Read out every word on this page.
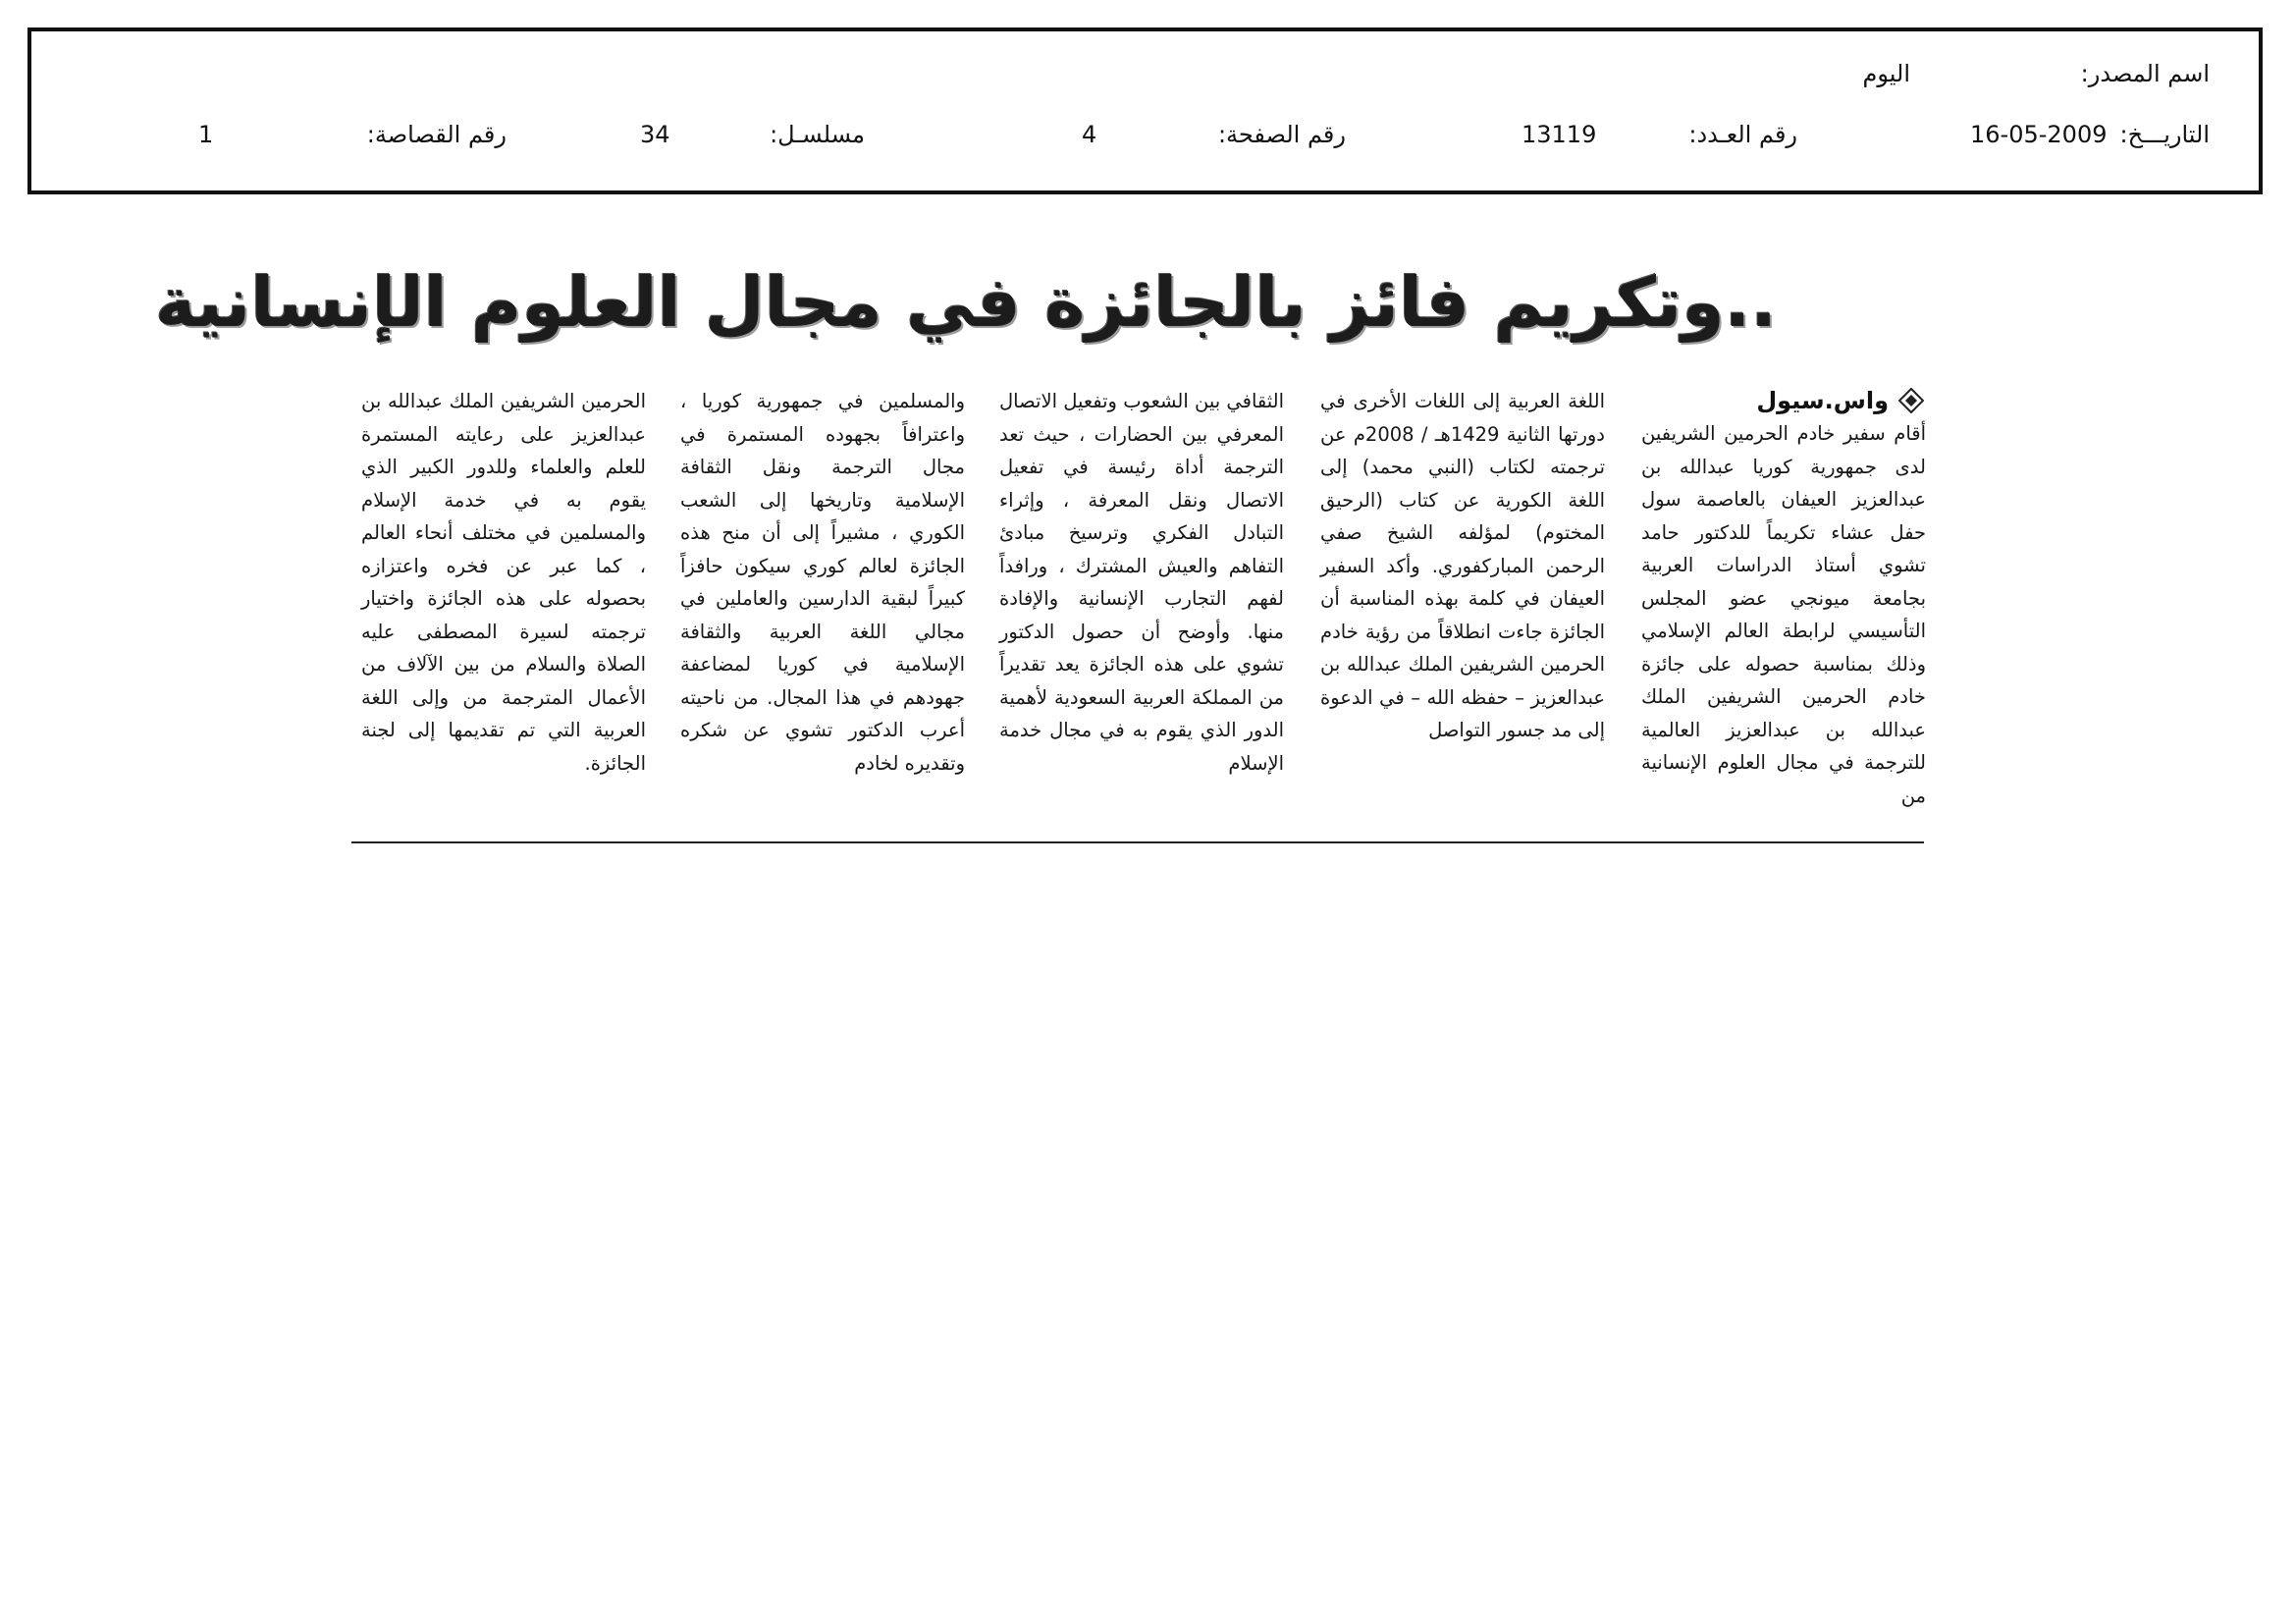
اسم المصدر:
اليوم
التاريـــخ:
16-05-2009
رقم العـدد:
13119
رقم الصفحة:
4
مسلسـل:
34
رقم القصاصة:
1
..وتكريم فائز بالجائزة في مجال العلوم الإنسانية
واس.سيول

أقام سفير خادم الحرمين الشريفين لدى جمهورية كوريا عبدالله بن عبدالعزيز العيفان بالعاصمة سول حفل عشاء تكريماً للدكتور حامد تشوي أستاذ الدراسات العربية بجامعة ميونجي عضو المجلس التأسيسي لرابطة العالم الإسلامي وذلك بمناسبة حصوله على جائزة خادم الحرمين الشريفين الملك عبدالله بن عبدالعزيز العالمية للترجمة في مجال العلوم الإنسانية من

اللغة العربية إلى اللغات الأخرى في دورتها الثانية 1429هـ / 2008م عن ترجمته لكتاب (النبي محمد) إلى اللغة الكورية عن كتاب (الرحيق المختوم) لمؤلفه الشيخ صفي الرحمن المباركفوري. وأكد السفير العيفان في كلمة بهذه المناسبة أن الجائزة جاءت انطلاقاً من رؤية خادم الحرمين الشريفين الملك عبدالله بن عبدالعزيز – حفظه الله – في الدعوة إلى مد جسور التواصل

الثقافي بين الشعوب وتفعيل الاتصال المعرفي بين الحضارات ، حيث تعد الترجمة أداة رئيسة في تفعيل الاتصال ونقل المعرفة ، وإثراء التبادل الفكري وترسيخ مبادئ التفاهم والعيش المشترك ، ورافداً لفهم التجارب الإنسانية والإفادة منها. وأوضح أن حصول الدكتور تشوي على هذه الجائزة يعد تقديراً من المملكة العربية السعودية لأهمية الدور الذي يقوم به في مجال خدمة الإسلام

والمسلمين في جمهورية كوريا ، واعترافاً بجهوده المستمرة في مجال الترجمة ونقل الثقافة الإسلامية وتاريخها إلى الشعب الكوري ، مشيراً إلى أن منح هذه الجائزة لعالم كوري سيكون حافزاً كبيراً لبقية الدارسين والعاملين في مجالي اللغة العربية والثقافة الإسلامية في كوريا لمضاعفة جهودهم في هذا المجال. من ناحيته أعرب الدكتور تشوي عن شكره وتقديره لخادم

الحرمين الشريفين الملك عبدالله بن عبدالعزيز على رعايته المستمرة للعلم والعلماء وللدور الكبير الذي يقوم به في خدمة الإسلام والمسلمين في مختلف أنحاء العالم ، كما عبر عن فخره واعتزازه بحصوله على هذه الجائزة واختيار ترجمته لسيرة المصطفى عليه الصلاة والسلام من بين الآلاف من الأعمال المترجمة من وإلى اللغة العربية التي تم تقديمها إلى لجنة الجائزة.
